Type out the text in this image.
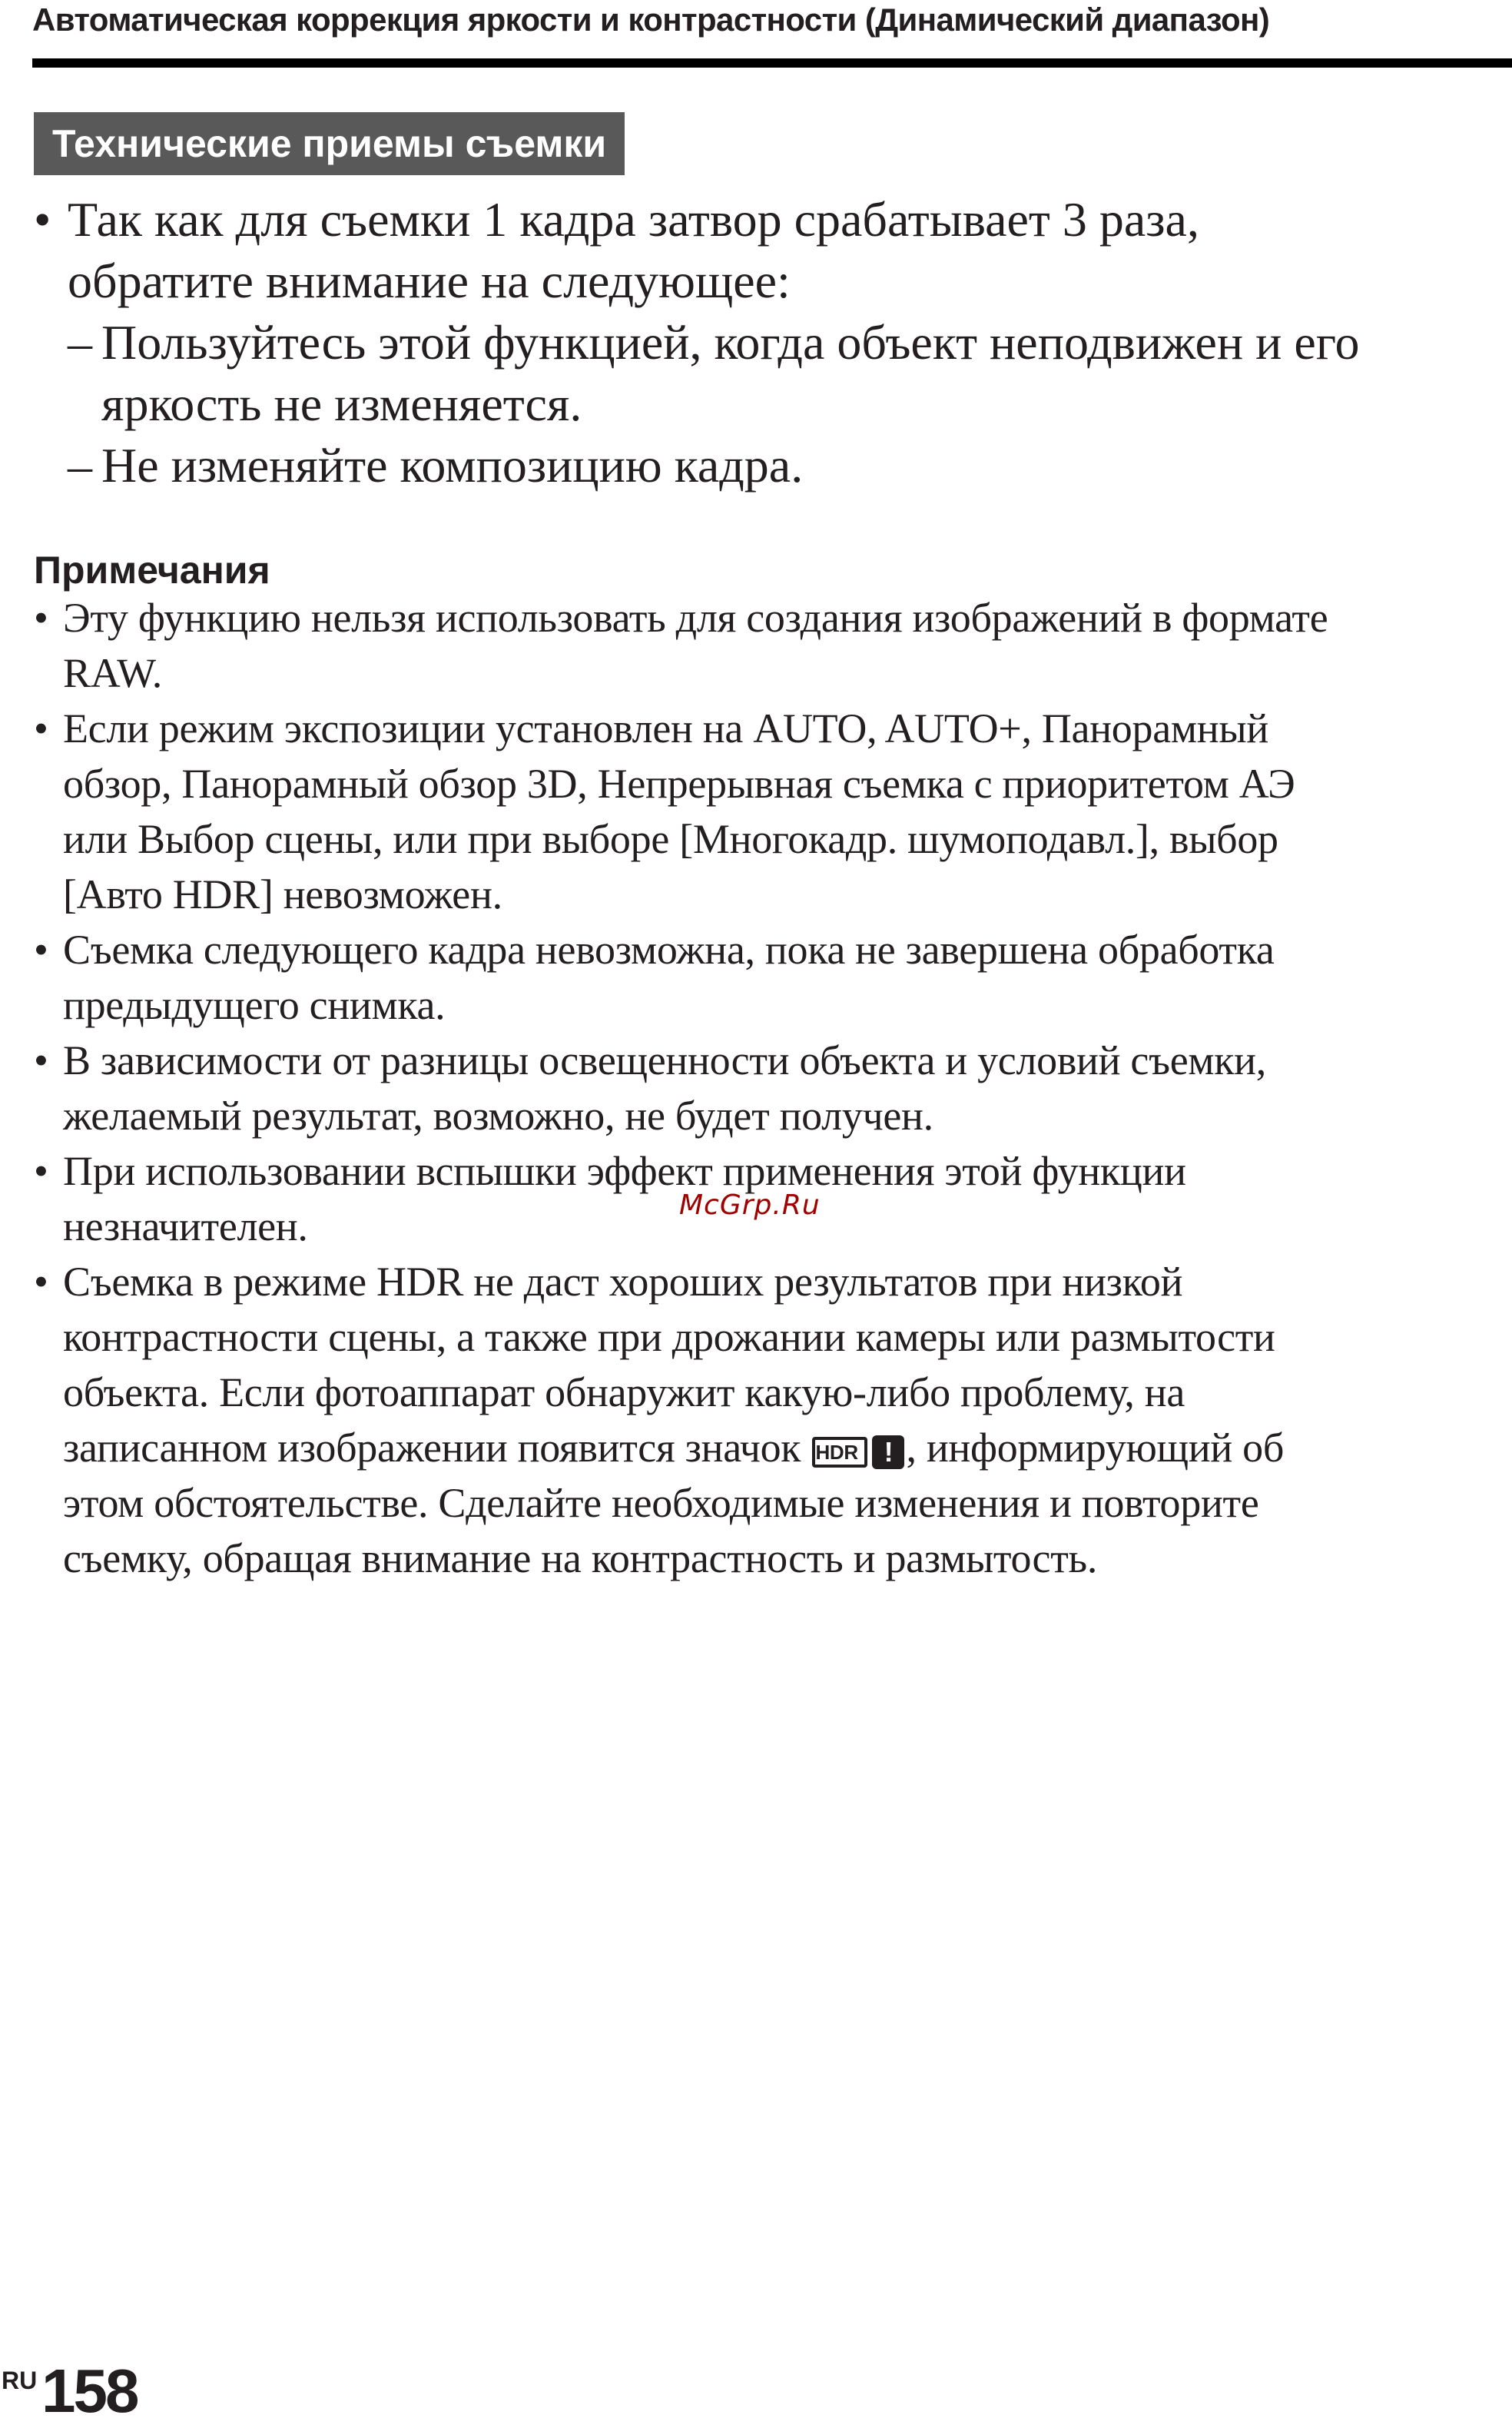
Автоматическая коррекция яркости и контрастности (Динамический диапазон)
Технические приемы съемки
• Так как для съемки 1 кадра затвор срабатывает 3 раза,
обратите внимание на следующее:
– Пользуйтесь этой функцией, когда объект неподвижен и его
яркость не изменяется.
– Не изменяйте композицию кадра.
Примечания
• Эту функцию нельзя использовать для создания изображений в формате
RAW.
• Если режим экспозиции установлен на AUTO, AUTO+, Панорамный
обзор, Панорамный обзор 3D, Непрерывная съемка с приоритетом АЭ
или Выбор сцены, или при выборе [Многокадр. шумоподавл.], выбор
[Авто HDR] невозможен.
• Съемка следующего кадра невозможна, пока не завершена обработка
предыдущего снимка.
• В зависимости от разницы освещенности объекта и условий съемки,
желаемый результат, возможно, не будет получен.
• При использовании вспышки эффект применения этой функции
незначителен.
• Съемка в режиме HDR не даст хороших результатов при низкой
контрастности сцены, а также при дрожании камеры или размытости
объекта. Если фотоаппарат обнаружит какую-либо проблему, на
записанном изображении появится значок HDR ! , информирующий об
этом обстоятельстве. Сделайте необходимые изменения и повторите
съемку, обращая внимание на контрастность и размытость.
McGrp.Ru
RU 158
